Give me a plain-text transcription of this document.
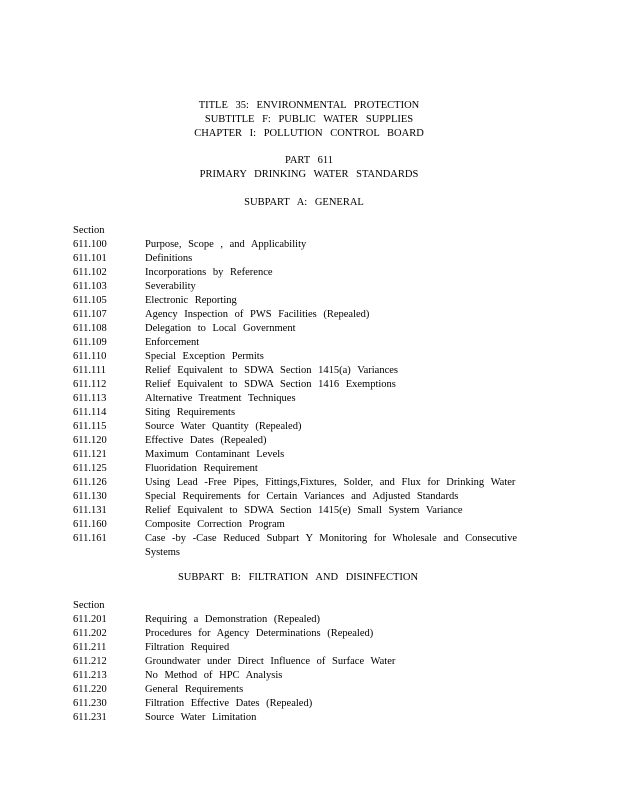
TITLE 35: ENVIRONMENTAL PROTECTION
SUBTITLE F: PUBLIC WATER SUPPLIES
CHAPTER I: POLLUTION CONTROL BOARD
PART 611
PRIMARY DRINKING WATER STANDARDS
SUBPART A: GENERAL
Section
611.100	Purpose, Scope , and Applicability
611.101	Definitions
611.102	Incorporations by Reference
611.103	Severability
611.105	Electronic Reporting
611.107	Agency Inspection of PWS Facilities (Repealed)
611.108	Delegation to Local Government
611.109	Enforcement
611.110	Special Exception Permits
611.111	Relief Equivalent to SDWA Section 1415(a) Variances
611.112	Relief Equivalent to SDWA Section 1416 Exemptions
611.113	Alternative Treatment Techniques
611.114	Siting Requirements
611.115	Source Water Quantity (Repealed)
611.120	Effective Dates (Repealed)
611.121	Maximum Contaminant Levels
611.125	Fluoridation Requirement
611.126	Using Lead -Free Pipes, Fittings,Fixtures, Solder, and Flux for Drinking Water
611.130	Special Requirements for Certain Variances and Adjusted Standards
611.131	Relief Equivalent to SDWA Section 1415(e) Small System Variance
611.160	Composite Correction Program
611.161	Case -by -Case Reduced Subpart Y Monitoring for Wholesale and Consecutive Systems
SUBPART B: FILTRATION AND DISINFECTION
Section
611.201	Requiring a Demonstration (Repealed)
611.202	Procedures for Agency Determinations (Repealed)
611.211	Filtration Required
611.212	Groundwater under Direct Influence of Surface Water
611.213	No Method of HPC Analysis
611.220	General Requirements
611.230	Filtration Effective Dates (Repealed)
611.231	Source Water Limitation
